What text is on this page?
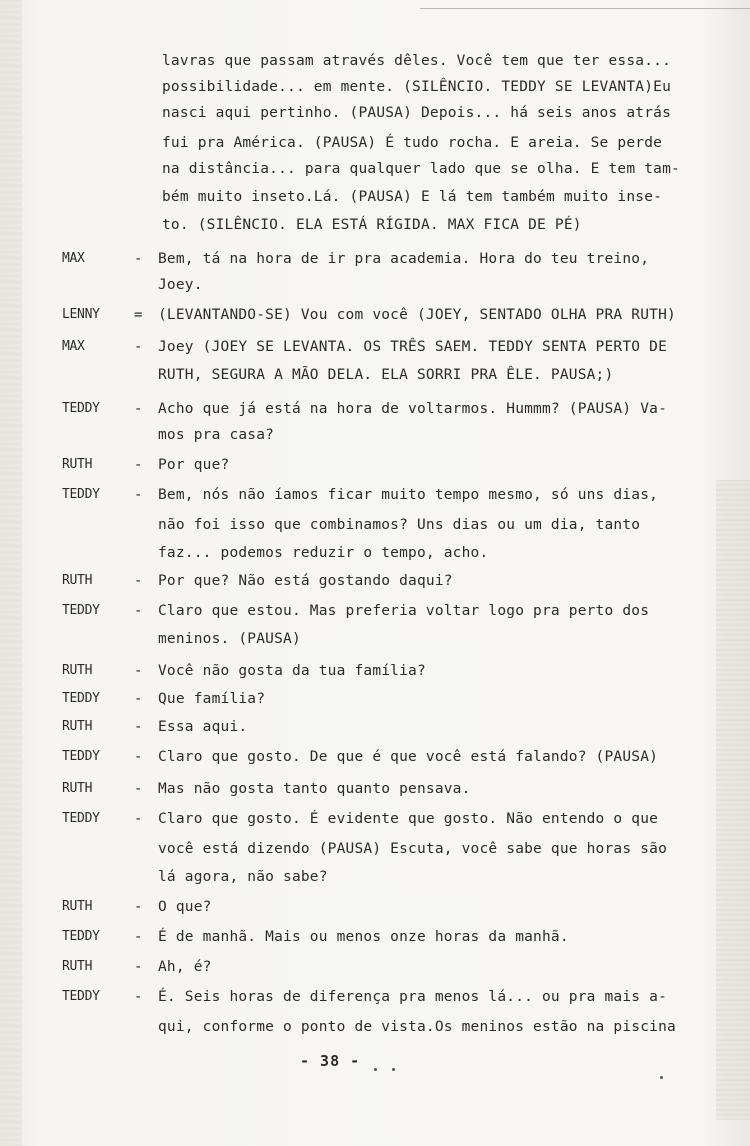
lavras que passam através dêles. Você tem que ter essa...
possibilidade... em mente. (SILÊNCIO. TEDDY SE LEVANTA)Eu
nasci aqui pertinho. (PAUSA) Depois... há seis anos atrás
fui pra América. (PAUSA) É tudo rocha. E areia. Se perde
na distância... para qualquer lado que se olha. E tem tam-
bém muito inseto.Lá. (PAUSA) E lá tem também muito inse-
to. (SILÊNCIO. ELA ESTÁ RÍGIDA. MAX FICA DE PÉ)
MAX	- Bem, tá na hora de ir pra academia. Hora do teu treino,
Joey.
LENNY	= (LEVANTANDO-SE) Vou com você (JOEY, SENTADO OLHA PRA RUTH)
MAX	- Joey (JOEY SE LEVANTA. OS TRÊS SAEM. TEDDY SENTA PERTO DE
RUTH, SEGURA A MÃO DELA. ELA SORRI PRA ÊLE. PAUSA;)
TEDDY	- Acho que já está na hora de voltarmos. Hummm? (PAUSA) Va-
mos pra casa?
RUTH	- Por que?
TEDDY	- Bem, nós não íamos ficar muito tempo mesmo, só uns dias,
não foi isso que combinamos? Uns dias ou um dia, tanto
faz... podemos reduzir o tempo, acho.
RUTH	- Por que? Não está gostando daqui?
TEDDY	- Claro que estou. Mas preferia voltar logo pra perto dos
meninos. (PAUSA)
RUTH	- Você não gosta da tua família?
TEDDY	- Que família?
RUTH	- Essa aqui.
TEDDY	- Claro que gosto. De que é que você está falando? (PAUSA)
RUTH	- Mas não gosta tanto quanto pensava.
TEDDY	- Claro que gosto. É evidente que gosto. Não entendo o que
você está dizendo (PAUSA) Escuta, você sabe que horas são
lá agora, não sabe?
RUTH	- O que?
TEDDY	- É de manhã. Mais ou menos onze horas da manhã.
RUTH	- Ah, é?
TEDDY	- É. Seis horas de diferença pra menos lá... ou pra mais a-
qui, conforme o ponto de vista.Os meninos estão na piscina
- 38 -
